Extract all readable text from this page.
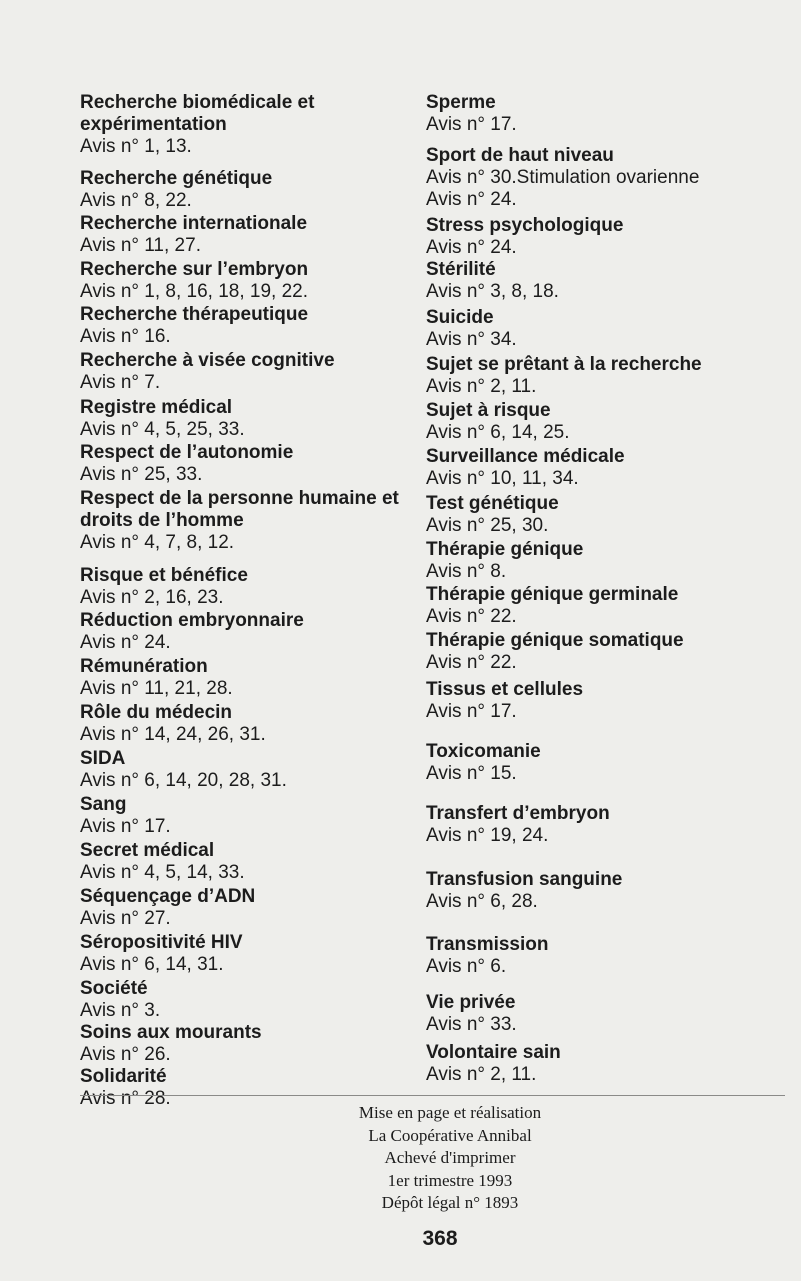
Recherche biomédicale et
expérimentation
Avis n° 1, 13.
Recherche génétique
Avis n° 8, 22.
Recherche internationale
Avis n° 11, 27.
Recherche sur l’embryon
Avis n° 1, 8, 16, 18, 19, 22.
Recherche thérapeutique
Avis n° 16.
Recherche à visée cognitive
Avis n° 7.
Registre médical
Avis n° 4, 5, 25, 33.
Respect de l’autonomie
Avis n° 25, 33.
Respect de la personne humaine et
droits de l’homme
Avis n° 4, 7, 8, 12.
Risque et bénéfice
Avis n° 2, 16, 23.
Réduction embryonnaire
Avis n° 24.
Rémunération
Avis n° 11, 21, 28.
Rôle du médecin
Avis n° 14, 24, 26, 31.
SIDA
Avis n° 6, 14, 20, 28, 31.
Sang
Avis n° 17.
Secret médical
Avis n° 4, 5, 14, 33.
Séquençage d’ADN
Avis n° 27.
Séropositivité HIV
Avis n° 6, 14, 31.
Société
Avis n° 3.
Soins aux mourants
Avis n° 26.
Solidarité
Avis n° 28.
Sperme
Avis n° 17.
Sport de haut niveau
Avis n° 30.Stimulation ovarienne
Avis n° 24.
Stress psychologique
Avis n° 24.
Stérilité
Avis n° 3, 8, 18.
Suicide
Avis n° 34.
Sujet se prêtant à la recherche
Avis n° 2, 11.
Sujet à risque
Avis n° 6, 14, 25.
Surveillance médicale
Avis n° 10, 11, 34.
Test génétique
Avis n° 25, 30.
Thérapie génique
Avis n° 8.
Thérapie génique germinale
Avis n° 22.
Thérapie génique somatique
Avis n° 22.
Tissus et cellules
Avis n° 17.
Toxicomanie
Avis n° 15.
Transfert d’embryon
Avis n° 19, 24.
Transfusion sanguine
Avis n° 6, 28.
Transmission
Avis n° 6.
Vie privée
Avis n° 33.
Volontaire sain
Avis n° 2, 11.
Mise en page et réalisation
La Coopérative Annibal
Achevé d'imprimer
1er trimestre 1993
Dépôt légal n° 1893
368
